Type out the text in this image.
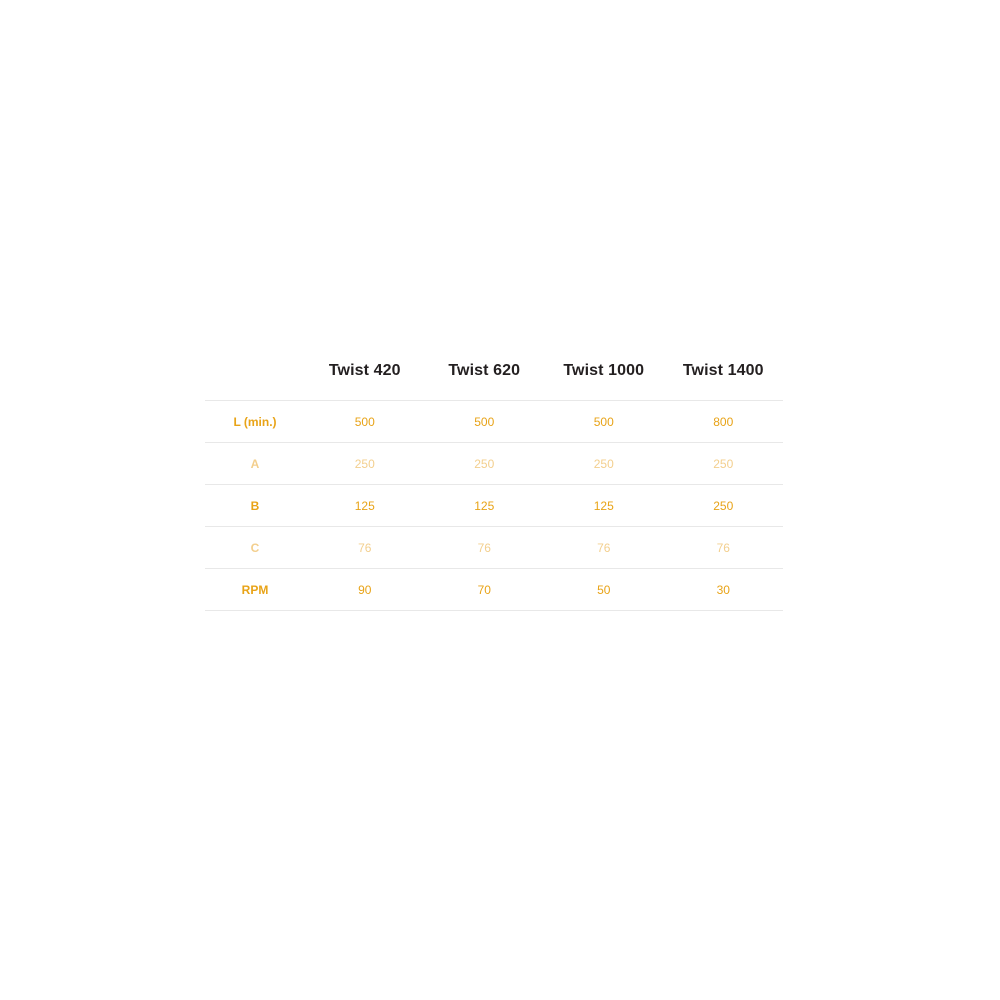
	Twist 420	Twist 620	Twist 1000	Twist 1400
L (min.)	500	500	500	800
A	250	250	250	250
B	125	125	125	250
C	76	76	76	76
RPM	90	70	50	30
